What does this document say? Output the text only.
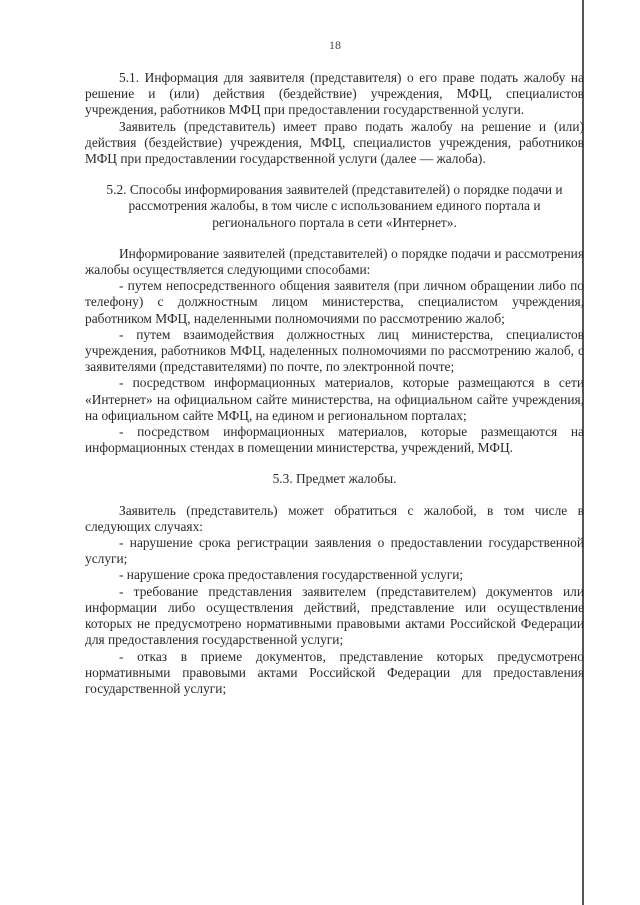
18

5.1. Информация для заявителя (представителя) о его праве подать жалобу на решение и (или) действия (бездействие) учреждения, МФЦ, специалистов учреждения, работников МФЦ при предоставлении государственной услуги.

Заявитель (представитель) имеет право подать жалобу на решение и (или) действия (бездействие) учреждения, МФЦ, специалистов учреждения, работников МФЦ при предоставлении государственной услуги (далее — жалоба).

5.2. Способы информирования заявителей (представителей) о порядке подачи и рассмотрения жалобы, в том числе с использованием единого портала и регионального портала в сети «Интернет».

Информирование заявителей (представителей) о порядке подачи и рассмотрения жалобы осуществляется следующими способами:

- путем непосредственного общения заявителя (при личном обращении либо по телефону) с должностным лицом министерства, специалистом учреждения, работником МФЦ, наделенными полномочиями по рассмотрению жалоб;

- путем взаимодействия должностных лиц министерства, специалистов учреждения, работников МФЦ, наделенных полномочиями по рассмотрению жалоб, с заявителями (представителями) по почте, по электронной почте;

- посредством информационных материалов, которые размещаются в сети «Интернет» на официальном сайте министерства, на официальном сайте учреждения, на официальном сайте МФЦ, на едином и региональном порталах;

- посредством информационных материалов, которые размещаются на информационных стендах в помещении министерства, учреждений, МФЦ.

5.3. Предмет жалобы.

Заявитель (представитель) может обратиться с жалобой, в том числе в следующих случаях:

- нарушение срока регистрации заявления о предоставлении государственной услуги;

- нарушение срока предоставления государственной услуги;

- требование представления заявителем (представителем) документов или информации либо осуществления действий, представление или осуществление которых не предусмотрено нормативными правовыми актами Российской Федерации для предоставления государственной услуги;

- отказ в приеме документов, представление которых предусмотрено нормативными правовыми актами Российской Федерации для предоставления государственной услуги;
